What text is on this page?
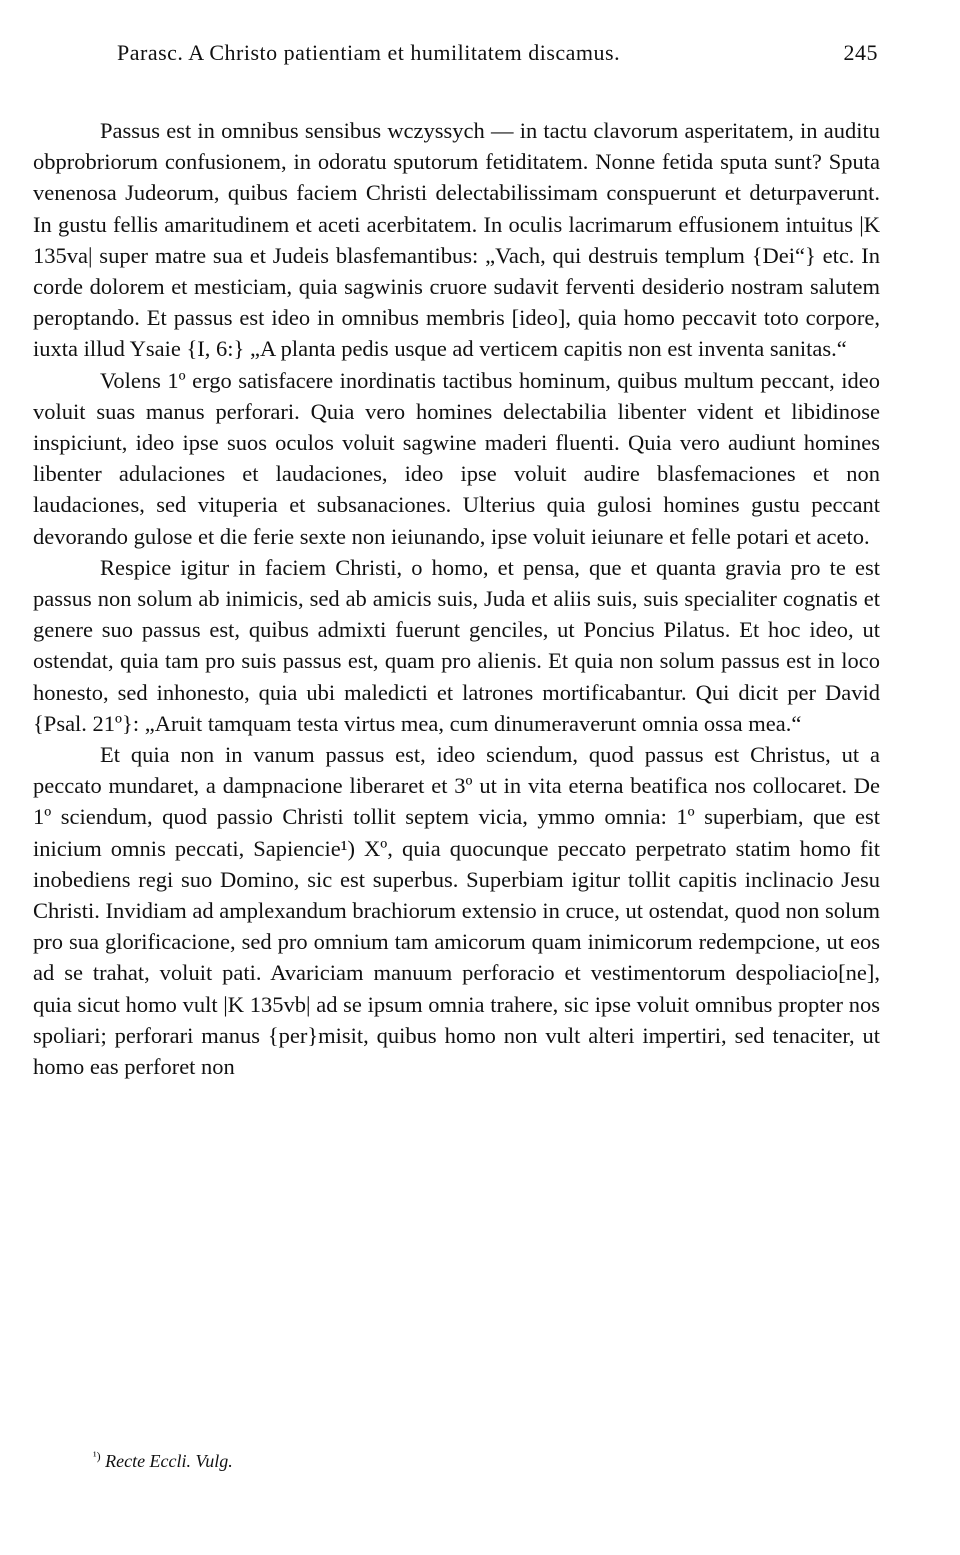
Parasc. A Christo patientiam et humilitatem discamus.	245

Passus est in omnibus sensibus wczyssych — in tactu clavorum asperitatem, in auditu obprobriorum confusionem, in odoratu sputorum fetiditatem. Nonne fetida sputa sunt? Sputa venenosa Judeorum, quibus faciem Christi delectabilissimam conspuerunt et deturpaverunt. In gustu fellis amaritudinem et aceti acerbitatem. In oculis lacrimarum effusionem intuitus |K 135va| super matre sua et Judeis blasfemantibus: „Vach, qui destruis templum {Dei“} etc. In corde dolorem et mesticiam, quia sagwinis cruore sudavit ferventi desiderio nostram salutem peroptando. Et passus est ideo in omnibus membris [ideo], quia homo peccavit toto corpore, iuxta illud Ysaie {I, 6:} „A planta pedis usque ad verticem capitis non est inventa sanitas.“

Volens 1º ergo satisfacere inordinatis tactibus hominum, quibus multum peccant, ideo voluit suas manus perforari. Quia vero homines delectabilia libenter vident et libidinose inspiciunt, ideo ipse suos oculos voluit sagwine maderi fluenti. Quia vero audiunt homines libenter adulaciones et laudaciones, ideo ipse voluit audire blasfemaciones et non laudaciones, sed vituperia et subsanaciones. Ulterius quia gulosi homines gustu peccant devorando gulose et die ferie sexte non ieiunando, ipse voluit ieiunare et felle potari et aceto.

Respice igitur in faciem Christi, o homo, et pensa, que et quanta gravia pro te est passus non solum ab inimicis, sed ab amicis suis, Juda et aliis suis, suis specialiter cognatis et genere suo passus est, quibus admixti fuerunt genciles, ut Poncius Pilatus. Et hoc ideo, ut ostendat, quia tam pro suis passus est, quam pro alienis. Et quia non solum passus est in loco honesto, sed inhonesto, quia ubi maledicti et latrones mortificabantur. Qui dicit per David {Psal. 21º}: „Aruit tamquam testa virtus mea, cum dinumeraverunt omnia ossa mea.“

Et quia non in vanum passus est, ideo sciendum, quod passus est Christus, ut a peccato mundaret, a dampnacione liberaret et 3º ut in vita eterna beatifica nos collocaret. De 1º sciendum, quod passio Christi tollit septem vicia, ymmo omnia: 1º superbiam, que est inicium omnis peccati, Sapiencie¹) Xº, quia quocunque peccato perpetrato statim homo fit inobediens regi suo Domino, sic est superbus. Superbiam igitur tollit capitis inclinacio Jesu Christi. Invidiam ad amplexandum brachiorum extensio in cruce, ut ostendat, quod non solum pro sua glorificacione, sed pro omnium tam amicorum quam inimicorum redempcione, ut eos ad se trahat, voluit pati. Avariciam manuum perforacio et vestimentorum despoliacio[ne], quia sicut homo vult |K 135vb| ad se ipsum omnia trahere, sic ipse voluit omnibus propter nos spoliari; perforari manus {per}misit, quibus homo non vult alteri impertiri, sed tenaciter, ut homo eas perforet non

$^{^1)}$ Recte Eccli. Vulg.
